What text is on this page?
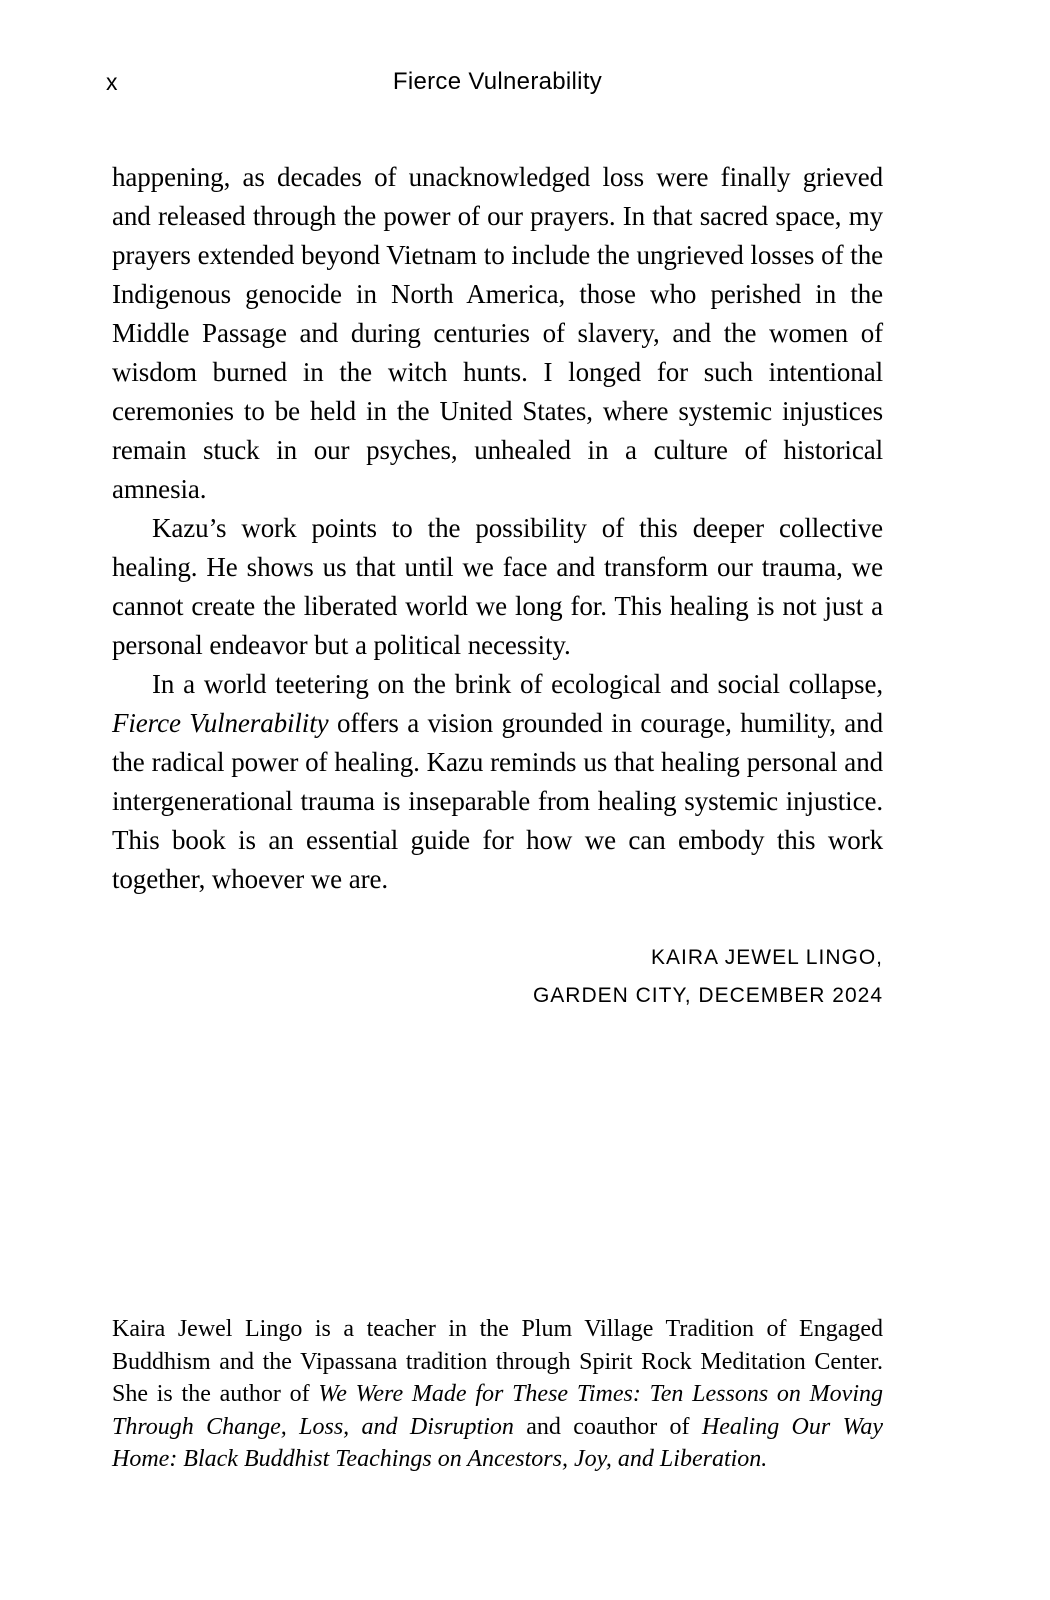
x	Fierce Vulnerability

happening, as decades of unacknowledged loss were finally grieved and released through the power of our prayers. In that sacred space, my prayers extended beyond Vietnam to include the ungrieved losses of the Indigenous genocide in North America, those who perished in the Middle Passage and during centuries of slavery, and the women of wisdom burned in the witch hunts. I longed for such intentional ceremonies to be held in the United States, where systemic injustices remain stuck in our psyches, unhealed in a culture of historical amnesia.

Kazu’s work points to the possibility of this deeper collective healing. He shows us that until we face and transform our trauma, we cannot create the liberated world we long for. This healing is not just a personal endeavor but a political necessity.

In a world teetering on the brink of ecological and social collapse, Fierce Vulnerability offers a vision grounded in courage, humility, and the radical power of healing. Kazu reminds us that healing personal and intergenerational trauma is inseparable from healing systemic injustice. This book is an essential guide for how we can embody this work together, whoever we are.

KAIRA JEWEL LINGO,
GARDEN CITY, DECEMBER 2024
Kaira Jewel Lingo is a teacher in the Plum Village Tradition of Engaged Buddhism and the Vipassana tradition through Spirit Rock Meditation Center. She is the author of We Were Made for These Times: Ten Lessons on Moving Through Change, Loss, and Disruption and coauthor of Healing Our Way Home: Black Buddhist Teachings on Ancestors, Joy, and Liberation.
